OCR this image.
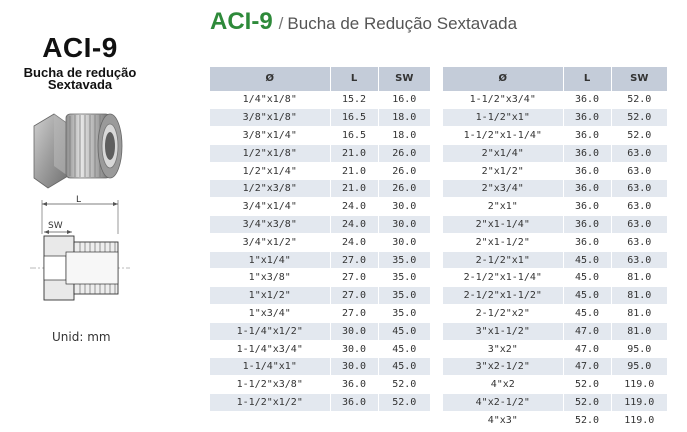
ACI-9
Bucha de redução
Sextavada
L
SW
Unid: mm
ACI-9 / Bucha de Redução Sextavada
Ø	L	SW
1/4"x1/8"	15.2	16.0
3/8"x1/8"	16.5	18.0
3/8"x1/4"	16.5	18.0
1/2"x1/8"	21.0	26.0
1/2"x1/4"	21.0	26.0
1/2"x3/8"	21.0	26.0
3/4"x1/4"	24.0	30.0
3/4"x3/8"	24.0	30.0
3/4"x1/2"	24.0	30.0
1"x1/4"	27.0	35.0
1"x3/8"	27.0	35.0
1"x1/2"	27.0	35.0
1"x3/4"	27.0	35.0
1-1/4"x1/2"	30.0	45.0
1-1/4"x3/4"	30.0	45.0
1-1/4"x1"	30.0	45.0
1-1/2"x3/8"	36.0	52.0
1-1/2"x1/2"	36.0	52.0
Ø	L	SW
1-1/2"x3/4"	36.0	52.0
1-1/2"x1"	36.0	52.0
1-1/2"x1-1/4"	36.0	52.0
2"x1/4"	36.0	63.0
2"x1/2"	36.0	63.0
2"x3/4"	36.0	63.0
2"x1"	36.0	63.0
2"x1-1/4"	36.0	63.0
2"x1-1/2"	36.0	63.0
2-1/2"x1"	45.0	63.0
2-1/2"x1-1/4"	45.0	81.0
2-1/2"x1-1/2"	45.0	81.0
2-1/2"x2"	45.0	81.0
3"x1-1/2"	47.0	81.0
3"x2"	47.0	95.0
3"x2-1/2"	47.0	95.0
4"x2	52.0	119.0
4"x2-1/2"	52.0	119.0
4"x3"	52.0	119.0
